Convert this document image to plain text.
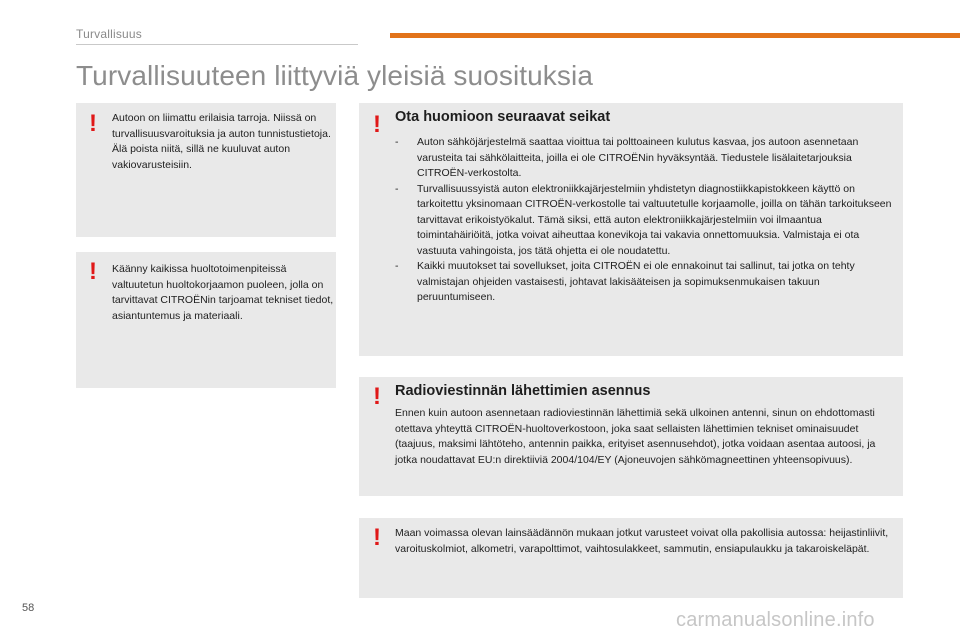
Turvallisuus
Turvallisuuteen liittyviä yleisiä suosituksia
! Autoon on liimattu erilaisia tarroja. Niissä on turvallisuusvaroituksia ja auton tunnistustietoja. Älä poista niitä, sillä ne kuuluvat auton vakiovarusteisiin.

! Käänny kaikissa huoltotoimenpiteissä valtuutetun huoltokorjaamon puoleen, jolla on tarvittavat CITROËNin tarjoamat tekniset tiedot, asiantuntemus ja materiaali.

! Ota huomioon seuraavat seikat
- Auton sähköjärjestelmä saattaa vioittua tai polttoaineen kulutus kasvaa, jos autoon asennetaan varusteita tai sähkölaitteita, joilla ei ole CITROËNin hyväksyntää. Tiedustele lisälaitetarjouksia CITROËN-verkostolta.
- Turvallisuussyistä auton elektroniikkajärjestelmiin yhdistetyn diagnostiikkapistokkeen käyttö on tarkoitettu yksinomaan CITROËN-verkostolle tai valtuutetulle korjaamolle, joilla on tähän tarkoitukseen tarvittavat erikoistyökalut. Tämä siksi, että auton elektroniikkajärjestelmiin voi ilmaantua toimintahäiriöitä, jotka voivat aiheuttaa konevikoja tai vakavia onnettomuuksia. Valmistaja ei ota vastuuta vahingoista, jos tätä ohjetta ei ole noudatettu.
- Kaikki muutokset tai sovellukset, joita CITROËN ei ole ennakoinut tai sallinut, tai jotka on tehty valmistajan ohjeiden vastaisesti, johtavat lakisääteisen ja sopimuksenmukaisen takuun peruuntumiseen.
! Radioviestinnän lähettimien asennus

Ennen kuin autoon asennetaan radioviestinnän lähettimiä sekä ulkoinen antenni, sinun on ehdottomasti otettava yhteyttä CITROËN-huoltoverkostoon, joka saat sellaisten lähettimien tekniset ominaisuudet (taajuus, maksimi lähtöteho, antennin paikka, erityiset asennusehdot), jotka voidaan asentaa autoosi, ja jotka noudattavat EU:n direktiiviä 2004/104/EY (Ajoneuvojen sähkömagneettinen yhteensopivuus).

! Maan voimassa olevan lainsäädännön mukaan jotkut varusteet voivat olla pakollisia autossa: heijastinliivit, varoituskolmiot, alkometri, varapolttimot, vaihtosulakkeet, sammutin, ensiapulaukku ja takaroiskeläpät.

58
carmanualsonline.info
